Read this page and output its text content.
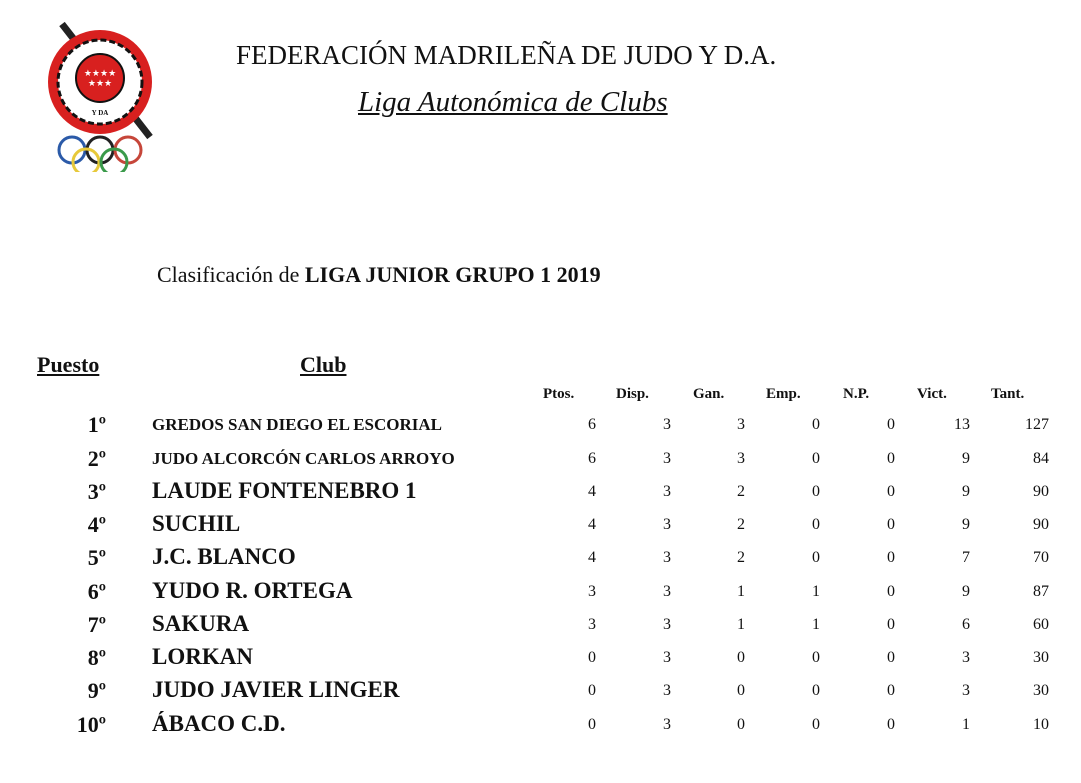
★★★★
★★★
Y DA
FEDERACIÓN MADRILEÑA DE JUDO Y D.A.
Liga Autonómica de Clubs
Clasificación de LIGA JUNIOR GRUPO 1 2019
Puesto	Club
Ptos.	Disp.	Gan.	Emp.	N.P.	Vict.	Tant.
1º	GREDOS SAN DIEGO EL ESCORIAL	6	3	3	0	0	13	127
2º	JUDO ALCORCÓN CARLOS ARROYO	6	3	3	0	0	9	84
3º LAUDE FONTENEBRO 1	4	3	2	0	0	9	90
4º SUCHIL	4	3	2	0	0	9	90
5º J.C. BLANCO	4	3	2	0	0	7	70
6º YUDO R. ORTEGA	3	3	1	1	0	9	87
7º SAKURA	3	3	1	1	0	6	60
8º LORKAN	0	3	0	0	0	3	30
9º JUDO JAVIER LINGER	0	3	0	0	0	3	30
10º ÁBACO C.D.	0	3	0	0	0	1	10
